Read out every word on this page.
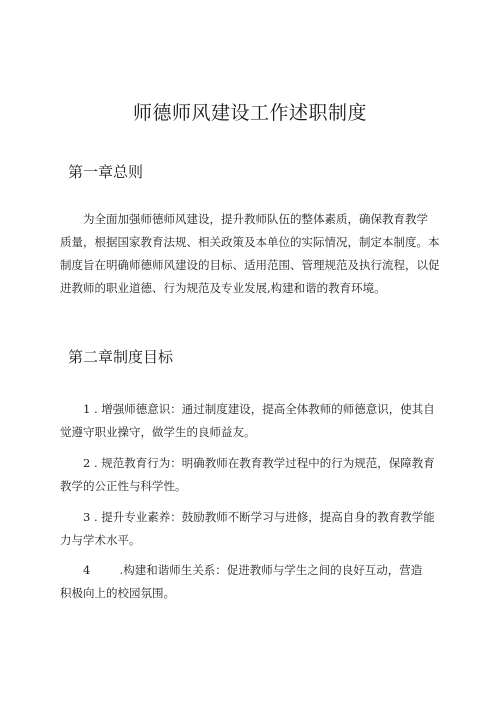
师德师风建设工作述职制度
第一章总则
为全面加强师德师风建设，提升教师队伍的整体素质，确保教育教学
质量，根据国家教育法规、相关政策及本单位的实际情况，制定本制度。本
制度旨在明确师德师风建设的目标、适用范围、管理规范及执行流程，以促
进教师的职业道德、行为规范及专业发展,构建和谐的教育环境。
第二章制度目标
1 . 增强师德意识：通过制度建设，提高全体教师的师德意识，使其自
觉遵守职业操守，做学生的良师益友。
2 . 规范教育行为：明确教师在教育教学过程中的行为规范，保障教育
教学的公正性与科学性。
3 . 提升专业素养：鼓励教师不断学习与进修，提高自身的教育教学能
力与学术水平。
4        .构建和谐师生关系：促进教师与学生之间的良好互动，营造
积极向上的校园氛围。
